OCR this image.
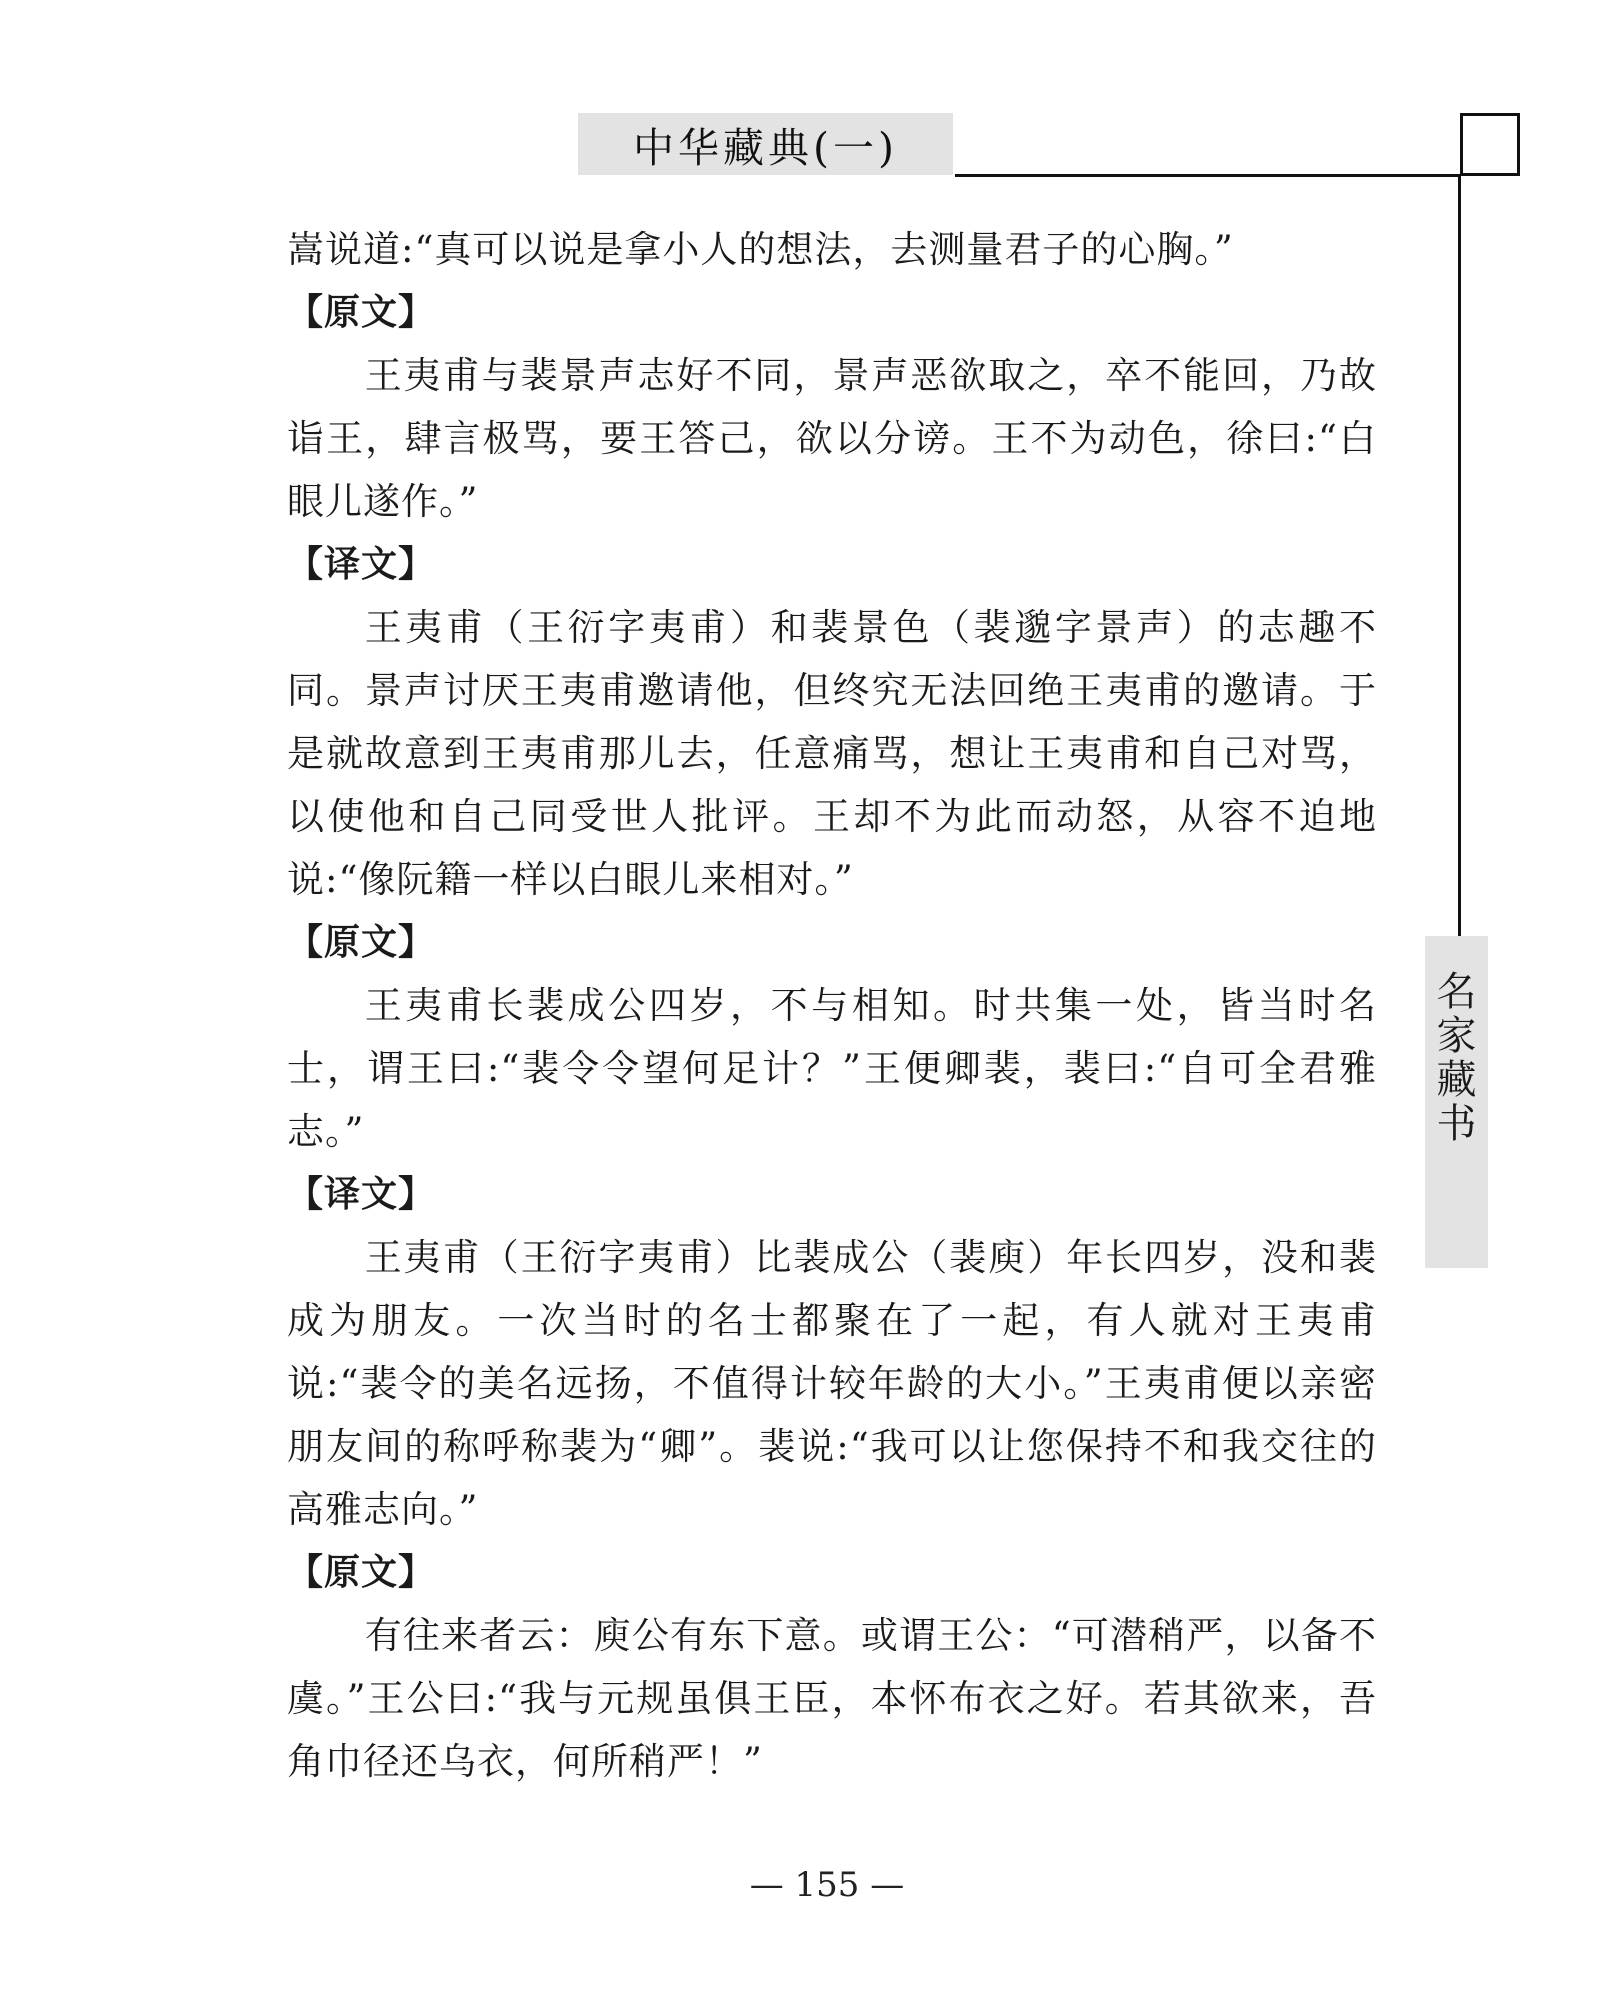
中华藏典(一)
名
家
藏
书

嵩说道:“真可以说是拿小人的想法，去测量君子的心胸。”

【原文】

王夷甫与裴景声志好不同，景声恶欲取之，卒不能回，乃故诣王，肆言极骂，要王答己，欲以分谤。王不为动色，徐曰:“白眼儿遂作。”

【译文】

王夷甫（王衍字夷甫）和裴景色（裴邈字景声）的志趣不同。景声讨厌王夷甫邀请他，但终究无法回绝王夷甫的邀请。于是就故意到王夷甫那儿去，任意痛骂，想让王夷甫和自己对骂，以使他和自己同受世人批评。王却不为此而动怒，从容不迫地说:“像阮籍一样以白眼儿来相对。”

【原文】

王夷甫长裴成公四岁，不与相知。时共集一处，皆当时名士，谓王曰:“裴令令望何足计？”王便卿裴，裴曰:“自可全君雅志。”

【译文】

王夷甫（王衍字夷甫）比裴成公（裴庾）年长四岁，没和裴成为朋友。一次当时的名士都聚在了一起，有人就对王夷甫说:“裴令的美名远扬，不值得计较年龄的大小。”王夷甫便以亲密朋友间的称呼称裴为“卿”。裴说:“我可以让您保持不和我交往的高雅志向。”

【原文】

有往来者云：庾公有东下意。或谓王公：“可潜稍严，以备不虞。”王公曰:“我与元规虽俱王臣，本怀布衣之好。若其欲来，吾角巾径还乌衣，何所稍严！”

— 155 —
